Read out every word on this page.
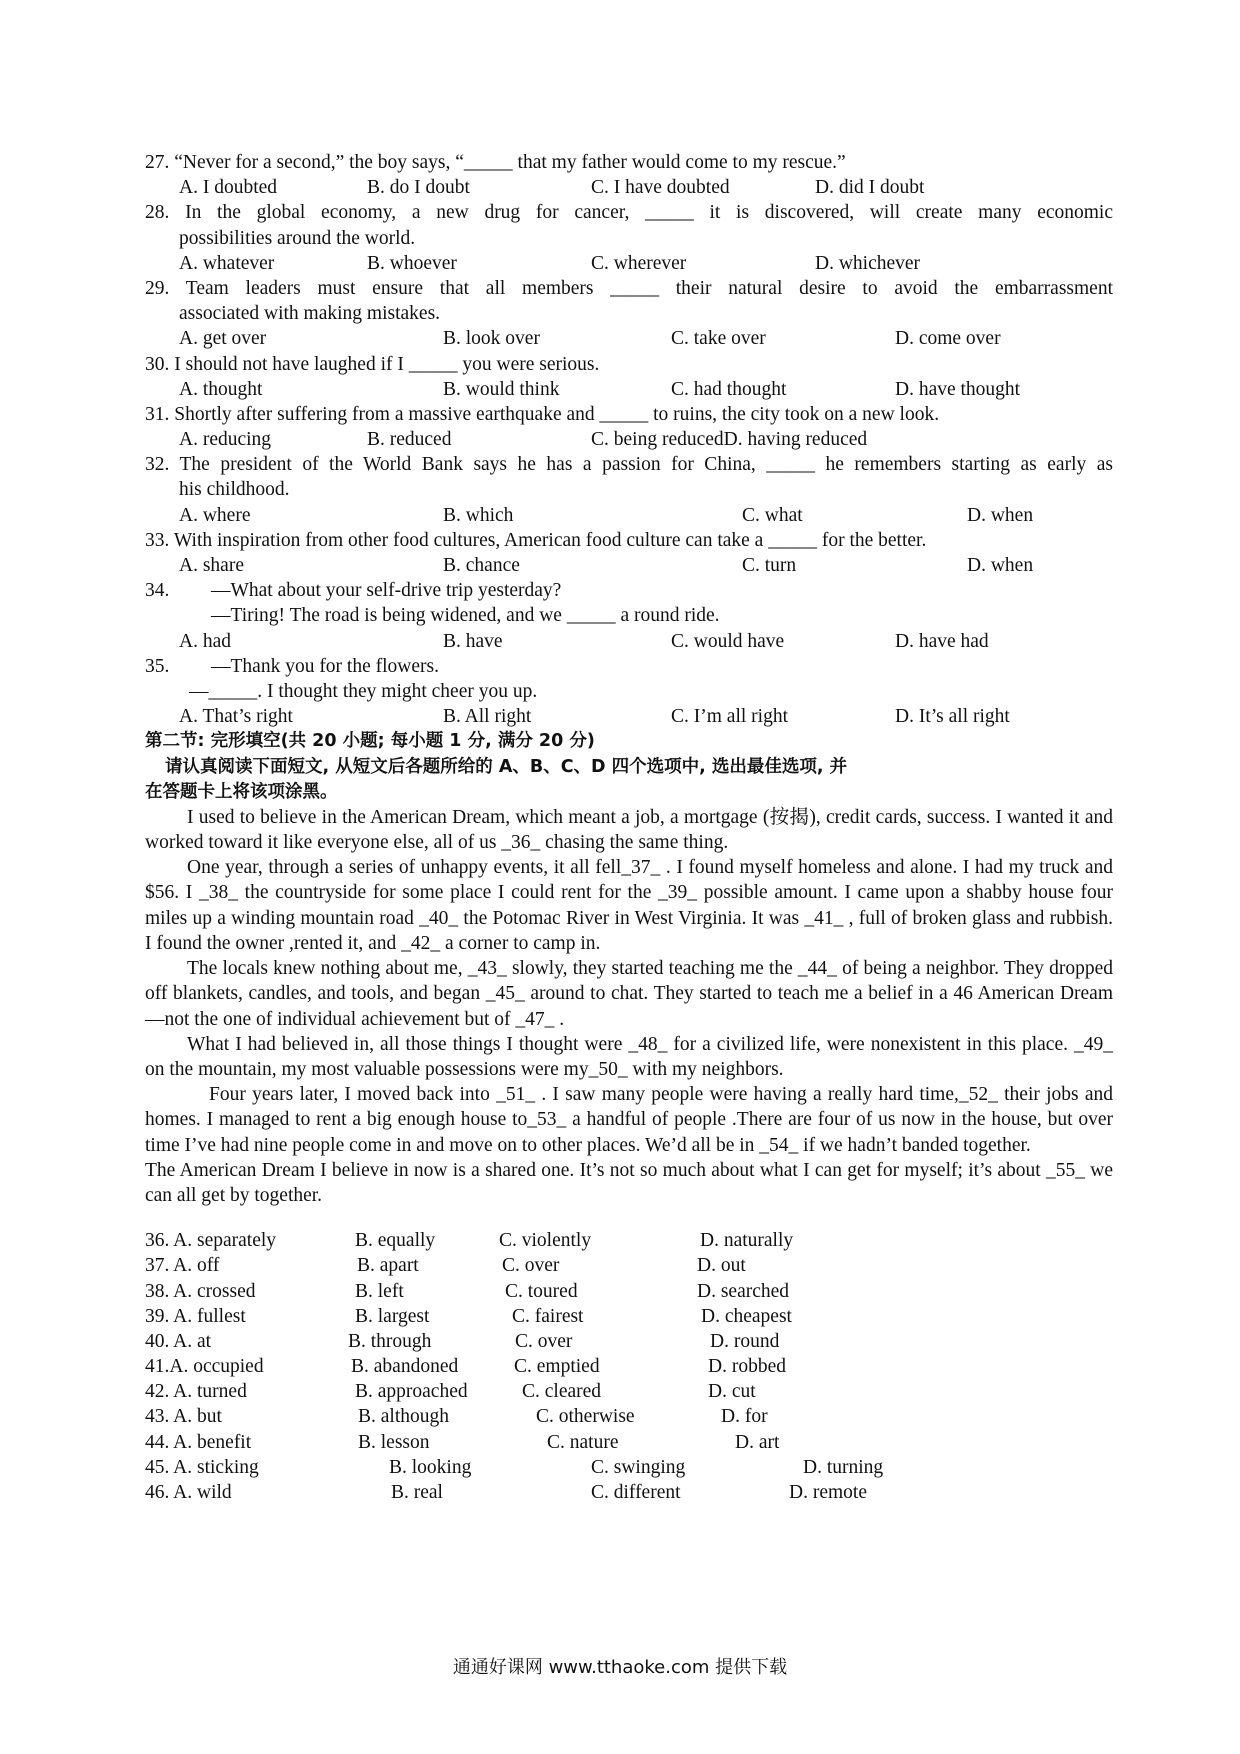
27. “Never for a second,” the boy says, “_____ that my father would come to my rescue.”
A. I doubted	B. do I doubt	C. I have doubted	D. did I doubt
28. In the global economy, a new drug for cancer, _____ it is discovered, will create many economic
possibilities around the world.
A. whatever	B. whoever	C. wherever	D. whichever
29. Team leaders must ensure that all members _____ their natural desire to avoid the embarrassment
associated with making mistakes.
A. get over	B. look over	C. take over	D. come over
30. I should not have laughed if I _____ you were serious.
A. thought	B. would think	C. had thought	D. have thought
31. Shortly after suffering from a massive earthquake and _____ to ruins, the city took on a new look.
A. reducing	B. reduced	C. being reducedD. having reduced
32. The president of the World Bank says he has a passion for China, _____ he remembers starting as early as
his childhood.
A. where	B. which	C. what	D. when
33. With inspiration from other food cultures, American food culture can take a _____ for the better.
A. share	B. chance	C. turn	D. when
34. —What about your self-drive trip yesterday?
—Tiring! The road is being widened, and we _____ a round ride.
A. had	B. have	C. would have	D. have had
35. —Thank you for the flowers.
—_____. I thought they might cheer you up.
A. That’s right	B. All right	C. I’m all right	D. It’s all right
第二节: 完形填空(共 20 小题; 每小题 1 分, 满分 20 分)
请认真阅读下面短文, 从短文后各题所给的 A、B、C、D 四个选项中, 选出最佳选项, 并
在答题卡上将该项涂黑。

I used to believe in the American Dream, which meant a job, a mortgage (按揭), credit cards, success. I wanted it and worked toward it like everyone else, all of us _36_ chasing the same thing.

One year, through a series of unhappy events, it all fell_37_ . I found myself homeless and alone. I had my truck and $56. I _38_ the countryside for some place I could rent for the _39_ possible amount. I came upon a shabby house four miles up a winding mountain road _40_ the Potomac River in West Virginia. It was _41_ , full of broken glass and rubbish. I found the owner ,rented it, and _42_ a corner to camp in.

The locals knew nothing about me, _43_ slowly, they started teaching me the _44_ of being a neighbor. They dropped off blankets, candles, and tools, and began _45_ around to chat. They started to teach me a belief in a 46 American Dream—not the one of individual achievement but of _47_ .

What I had believed in, all those things I thought were _48_ for a civilized life, were nonexistent in this place. _49_ on the mountain, my most valuable possessions were my_50_ with my neighbors.

Four years later, I moved back into _51_ . I saw many people were having a really hard time,_52_ their jobs and homes. I managed to rent a big enough house to_53_ a handful of people .There are four of us now in the house, but over time I’ve had nine people come in and move on to other places. We’d all be in _54_ if we hadn’t banded together.

The American Dream I believe in now is a shared one. It’s not so much about what I can get for myself; it’s about _55_ we can all get by together.

36. A. separately	B. equally	C. violently	D. naturally
37. A. off	B. apart	C. over	D. out
38. A. crossed	B. left	C. toured	D. searched
39. A. fullest	B. largest	C. fairest	D. cheapest
40. A. at	B. through	C. over	D. round
41.A. occupied	B. abandoned	C. emptied	D. robbed
42. A. turned	B. approached	C. cleared	D. cut
43. A. but	B. although	C. otherwise	D. for
44. A. benefit	B. lesson	C. nature	D. art
45. A. sticking	B. looking	C. swinging	D. turning
46. A. wild	B. real	C. different	D. remote
通通好课网 www.tthaoke.com 提供下载
